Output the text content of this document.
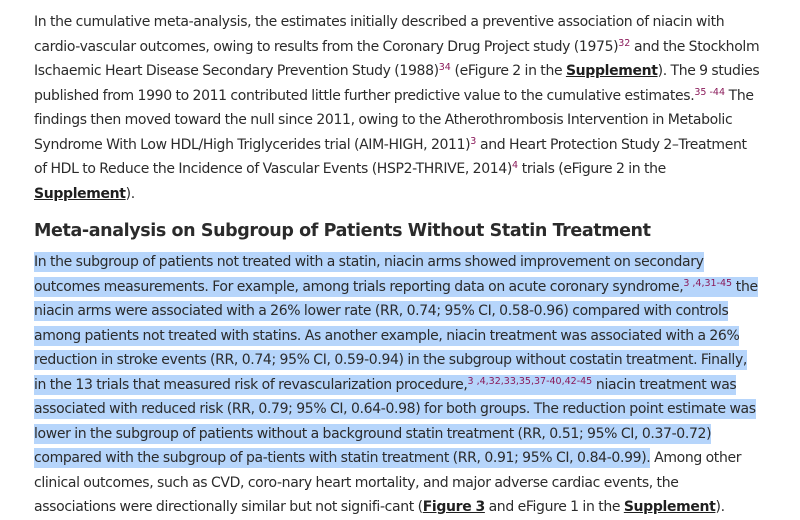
In the cumulative meta-analysis, the estimates initially described a preventive association of niacin with cardio-vascular outcomes, owing to results from the Coronary Drug Project study (1975)$^{32}$ and the Stockholm Ischaemic Heart Disease Secondary Prevention Study (1988)$^{34}$ (eFigure 2 in the Supplement). The 9 studies published from 1990 to 2011 contributed little further predictive value to the cumulative estimates.$^{35 -44}$ The findings then moved toward the null since 2011, owing to the Atherothrombosis Intervention in Metabolic Syndrome With Low HDL/High Triglycerides trial (AIM-HIGH, 2011)$^3$ and Heart Protection Study 2–Treatment of HDL to Reduce the Incidence of Vascular Events (HSP2-THRIVE, 2014)$^4$ trials (eFigure 2 in the Supplement).

Meta-analysis on Subgroup of Patients Without Statin Treatment

In the subgroup of patients not treated with a statin, niacin arms showed improvement on secondary outcomes measurements. For example, among trials reporting data on acute coronary syndrome,$^{3 ,4,31-45}$ the niacin arms were associated with a 26% lower rate (RR, 0.74; 95% CI, 0.58-0.96) compared with controls among patients not treated with statins. As another example, niacin treatment was associated with a 26% reduction in stroke events (RR, 0.74; 95% CI, 0.59-0.94) in the subgroup without costatin treatment. Finally, in the 13 trials that measured risk of revascularization procedure,$^{3 ,4,32,33,35,37-40,42-45}$ niacin treatment was associated with reduced risk (RR, 0.79; 95% CI, 0.64-0.98) for both groups. The reduction point estimate was lower in the subgroup of patients without a background statin treatment (RR, 0.51; 95% CI, 0.37-0.72) compared with the subgroup of pa-tients with statin treatment (RR, 0.91; 95% CI, 0.84-0.99). Among other clinical outcomes, such as CVD, coro-nary heart mortality, and major adverse cardiac events, the associations were directionally similar but not signifi-cant (Figure 3 and eFigure 1 in the Supplement).
